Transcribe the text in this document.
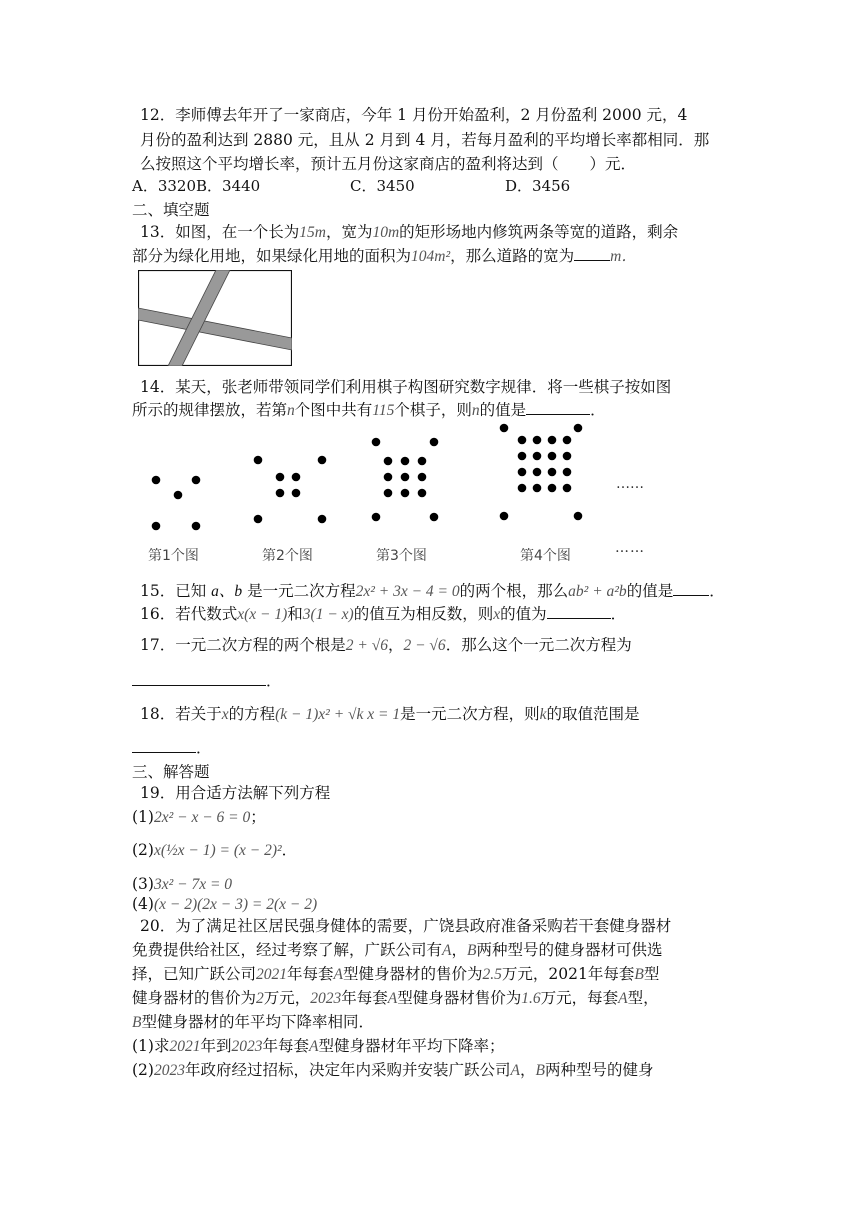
12．李师傅去年开了一家商店，今年 1 月份开始盈利，2 月份盈利 2000 元，4
月份的盈利达到 2880 元，且从 2 月到 4 月，若每月盈利的平均增长率都相同．那
么按照这个平均增长率，预计五月份这家商店的盈利将达到（　　）元．
A．3320 B．3440	C．3450	D．3456
二、填空题
13．如图，在一个长为15m，宽为10m的矩形场地内修筑两条等宽的道路，剩余
部分为绿化用地，如果绿化用地的面积为104m²，那么道路的宽为 m．
14．某天，张老师带领同学们利用棋子构图研究数字规律．将一些棋子按如图
所示的规律摆放，若第n个图中共有115个棋子，则n的值是	．
……
第1个图	第2个图	第3个图	第4个图	……
15．已知 a、b 是一元二次方程2x² + 3x − 4 = 0的两个根，那么ab² + a²b的值是 ．
16．若代数式x(x − 1)和3(1 − x)的值互为相反数，则x的值为	．
17．一元二次方程的两个根是2 + √6，2 − √6．那么这个一元二次方程为
．
18．若关于x的方程(k − 1)x² + √k x = 1是一元二次方程，则k的取值范围是
．
三、解答题
19．用合适方法解下列方程
(1)2x² − x − 6 = 0；
(2)x(½x − 1) = (x − 2)²．
(3)3x² − 7x = 0
(4)(x − 2)(2x − 3) = 2(x − 2)
20．为了满足社区居民强身健体的需要，广饶县政府准备采购若干套健身器材
免费提供给社区，经过考察了解，广跃公司有A，B两种型号的健身器材可供选
择，已知广跃公司2021年每套A型健身器材的售价为2.5万元，2021年每套B型
健身器材的售价为2万元，2023年每套A型健身器材售价为1.6万元，每套A型，
B型健身器材的年平均下降率相同．
(1)求2021年到2023年每套A型健身器材年平均下降率；
(2)2023年政府经过招标，决定年内采购并安装广跃公司A，B两种型号的健身
